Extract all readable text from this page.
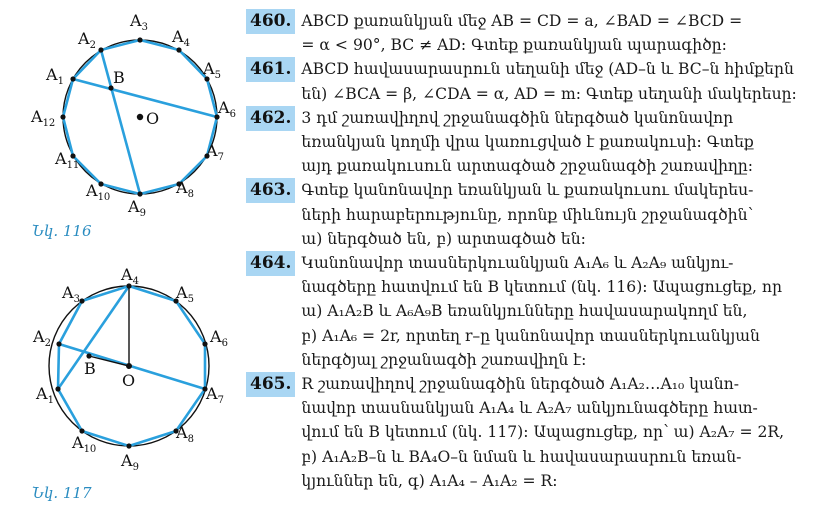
$A_1$
$A_2$
$A_3$ $A_4$
$A_5$
$A_6$
$A_7$
$A_8$
$A_9$
$A_{10}$
$A_{11}$
$A_{12}$
B
O
Նկ. 116
$A_1$
$A_2$
$A_3$
$A_4$
$A_5$
$A_6$
$A_7$
$A_8$
$A_9$
$A_{10}$
B
O
Նկ. 117
460. ABCD քառանկյան մեջ AB = CD = a, ∠BAD = ∠BCD =
= α < 90°, BC ≠ AD: Գտեք քառանկյան պարագիծը:
461. ABCD հավասարասրուն սեղանի մեջ (AD–ն և BC–ն հիմքերն
են) ∠BCA = β, ∠CDA = α, AD = m: Գտեք սեղանի մակերեսը:
462. 3 դմ շառավիղով շրջանագծին ներգծած կանոնավոր
եռանկյան կողմի վրա կառուցված է քառակուսի: Գտեք
այդ քառակուսուն արտագծած շրջանագծի շառավիղը:
463. Գտեք կանոնավոր եռանկյան և քառակուսու մակերես-
ների հարաբերությունը, որոնք միևնույն շրջանագծին՝
ա) ներգծած են, բ) արտագծած են:
464. Կանոնավոր տասներկուանկյան A₁A₆ և A₂A₉ անկյու-
նագծերը հատվում են B կետում (նկ. 116): Ապացուցեք, որ
ա) A₁A₂B և A₆A₉B եռանկյունները հավասարակողմ են,
բ) A₁A₆ = 2r, որտեղ r–ը կանոնավոր տասներկուանկյան
ներգծյալ շրջանագծի շառավիղն է:
465. R շառավիղով շրջանագծին ներգծած A₁A₂…A₁₀ կանո-
նավոր տասնանկյան A₁A₄ և A₂A₇ անկյունագծերը հատ-
վում են B կետում (նկ. 117): Ապացուցեք, որ՝ ա) A₂A₇ = 2R,
բ) A₁A₂B–ն և BA₄O–ն նման և հավասարասրուն եռան-
կյուններ են, գ) A₁A₄ – A₁A₂ = R:
